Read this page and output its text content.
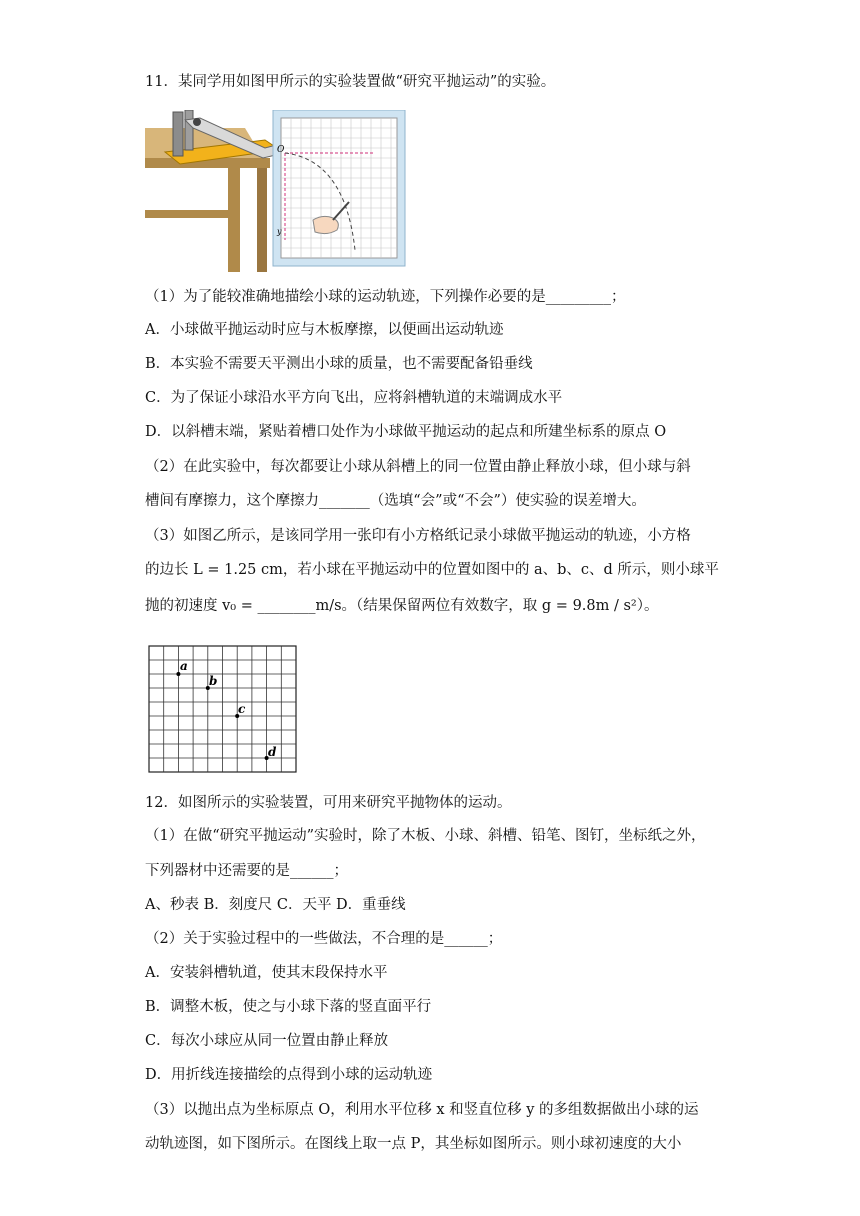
11．某同学用如图甲所示的实验装置做“研究平抛运动”的实验。
O
y
（1）为了能较准确地描绘小球的运动轨迹，下列操作必要的是_________；
A．小球做平抛运动时应与木板摩擦，以便画出运动轨迹
B．本实验不需要天平测出小球的质量，也不需要配备铅垂线
C．为了保证小球沿水平方向飞出，应将斜槽轨道的末端调成水平
D．以斜槽末端，紧贴着槽口处作为小球做平抛运动的起点和所建坐标系的原点 O
（2）在此实验中，每次都要让小球从斜槽上的同一位置由静止释放小球，但小球与斜
槽间有摩擦力，这个摩擦力_______（选填“会”或“不会”）使实验的误差增大。
（3）如图乙所示，是该同学用一张印有小方格纸记录小球做平抛运动的轨迹，小方格
的边长 L = 1.25 cm，若小球在平抛运动中的位置如图中的 a、b、c、d 所示，则小球平
抛的初速度 v₀ = ________m/s。（结果保留两位有效数字，取 g = 9.8m / s²）。
a
b
c
d
12．如图所示的实验装置，可用来研究平抛物体的运动。
（1）在做“研究平抛运动”实验时，除了木板、小球、斜槽、铅笔、图钉，坐标纸之外，
下列器材中还需要的是______；
A、秒表 B．刻度尺 C．天平 D．重垂线
（2）关于实验过程中的一些做法，不合理的是______；
A．安装斜槽轨道，使其末段保持水平
B．调整木板，使之与小球下落的竖直面平行
C．每次小球应从同一位置由静止释放
D．用折线连接描绘的点得到小球的运动轨迹
（3）以抛出点为坐标原点 O，利用水平位移 x 和竖直位移 y 的多组数据做出小球的运
动轨迹图，如下图所示。在图线上取一点 P，其坐标如图所示。则小球初速度的大小
